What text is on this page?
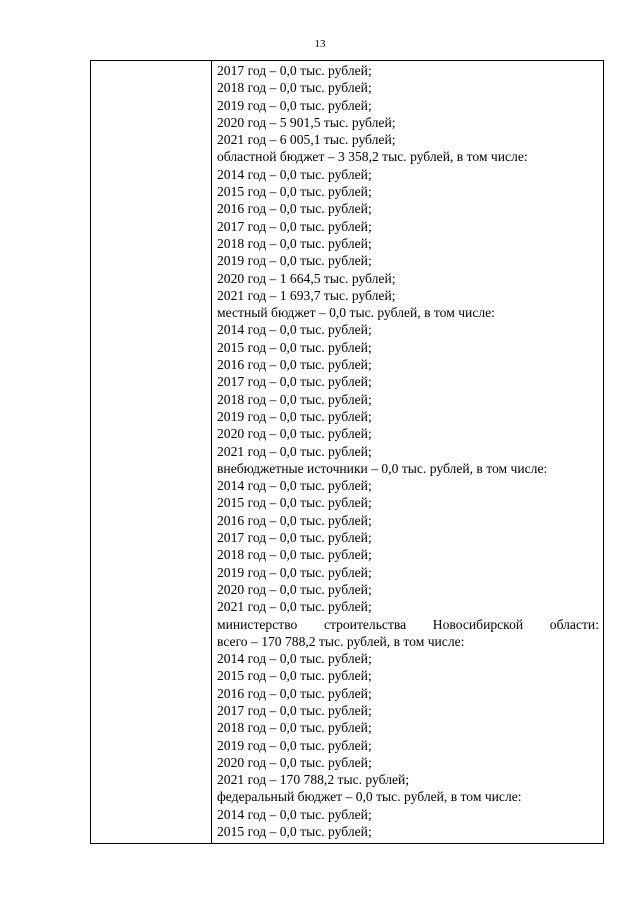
13
2017 год – 0,0 тыс. рублей;
2018 год – 0,0 тыс. рублей;
2019 год – 0,0 тыс. рублей;
2020 год – 5 901,5 тыс. рублей;
2021 год – 6 005,1 тыс. рублей;
областной бюджет – 3 358,2 тыс. рублей, в том числе:
2014 год – 0,0 тыс. рублей;
2015 год – 0,0 тыс. рублей;
2016 год – 0,0 тыс. рублей;
2017 год – 0,0 тыс. рублей;
2018 год – 0,0 тыс. рублей;
2019 год – 0,0 тыс. рублей;
2020 год – 1 664,5 тыс. рублей;
2021 год – 1 693,7 тыс. рублей;
местный бюджет – 0,0 тыс. рублей, в том числе:
2014 год – 0,0 тыс. рублей;
2015 год – 0,0 тыс. рублей;
2016 год – 0,0 тыс. рублей;
2017 год – 0,0 тыс. рублей;
2018 год – 0,0 тыс. рублей;
2019 год – 0,0 тыс. рублей;
2020 год – 0,0 тыс. рублей;
2021 год – 0,0 тыс. рублей;
внебюджетные источники – 0,0 тыс. рублей, в том числе:
2014 год – 0,0 тыс. рублей;
2015 год – 0,0 тыс. рублей;
2016 год – 0,0 тыс. рублей;
2017 год – 0,0 тыс. рублей;
2018 год – 0,0 тыс. рублей;
2019 год – 0,0 тыс. рублей;
2020 год – 0,0 тыс. рублей;
2021 год – 0,0 тыс. рублей;
министерство строительства Новосибирской области:
всего – 170 788,2 тыс. рублей, в том числе:
2014 год – 0,0 тыс. рублей;
2015 год – 0,0 тыс. рублей;
2016 год – 0,0 тыс. рублей;
2017 год – 0,0 тыс. рублей;
2018 год – 0,0 тыс. рублей;
2019 год – 0,0 тыс. рублей;
2020 год – 0,0 тыс. рублей;
2021 год – 170 788,2 тыс. рублей;
федеральный бюджет – 0,0 тыс. рублей, в том числе:
2014 год – 0,0 тыс. рублей;
2015 год – 0,0 тыс. рублей;
